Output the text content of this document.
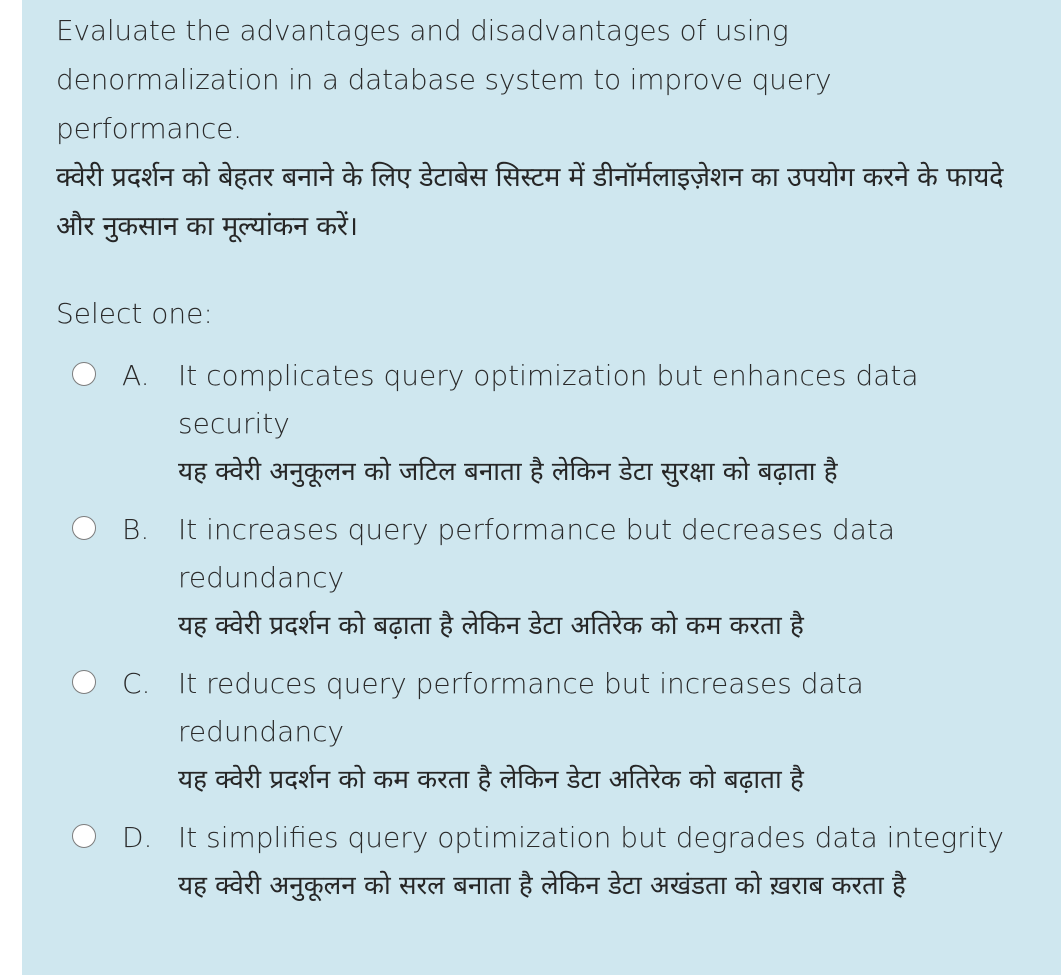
Evaluate the advantages and disadvantages of using denormalization in a database system to improve query performance.
क्वेरी प्रदर्शन को बेहतर बनाने के लिए डेटाबेस सिस्टम में डीनॉर्मलाइज़ेशन का उपयोग करने के फायदे और नुकसान का मूल्यांकन करें।
Select one:
A. It complicates query optimization but enhances data security
यह क्वेरी अनुकूलन को जटिल बनाता है लेकिन डेटा सुरक्षा को बढ़ाता है
B. It increases query performance but decreases data redundancy
यह क्वेरी प्रदर्शन को बढ़ाता है लेकिन डेटा अतिरेक को कम करता है
C. It reduces query performance but increases data redundancy
यह क्वेरी प्रदर्शन को कम करता है लेकिन डेटा अतिरेक को बढ़ाता है
D. It simplifies query optimization but degrades data integrity
यह क्वेरी अनुकूलन को सरल बनाता है लेकिन डेटा अखंडता को ख़राब करता है
